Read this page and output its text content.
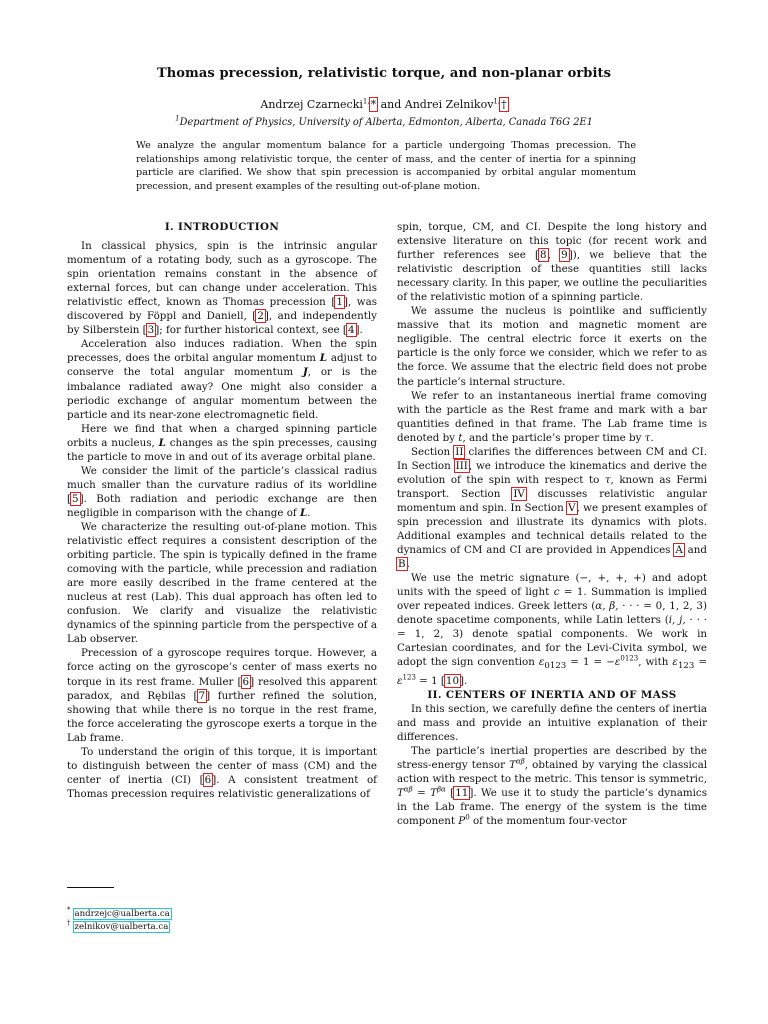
Thomas precession, relativistic torque, and non-planar orbits
Andrzej Czarnecki$^{1,}$* and Andrei Zelnikov$^{1,}$†
$^1$Department of Physics, University of Alberta, Edmonton, Alberta, Canada T6G 2E1
We analyze the angular momentum balance for a particle undergoing Thomas precession. The relationships among relativistic torque, the center of mass, and the center of inertia for a spinning particle are clarified. We show that spin precession is accompanied by orbital angular momentum precession, and present examples of the resulting out-of-plane motion.

I. INTRODUCTION

In classical physics, spin is the intrinsic angular momentum of a rotating body, such as a gyroscope. The spin orientation remains constant in the absence of external forces, but can change under acceleration. This relativistic effect, known as Thomas precession [1], was discovered by Föppl and Daniell, [2], and independently by Silberstein [3]; for further historical context, see [4].

Acceleration also induces radiation. When the spin precesses, does the orbital angular momentum L adjust to conserve the total angular momentum J, or is the imbalance radiated away? One might also consider a periodic exchange of angular momentum between the particle and its near-zone electromagnetic field.

Here we find that when a charged spinning particle orbits a nucleus, L changes as the spin precesses, causing the particle to move in and out of its average orbital plane.

We consider the limit of the particle’s classical radius much smaller than the curvature radius of its worldline [5]. Both radiation and periodic exchange are then negligible in comparison with the change of L.

We characterize the resulting out-of-plane motion. This relativistic effect requires a consistent description of the orbiting particle. The spin is typically defined in the frame comoving with the particle, while precession and radiation are more easily described in the frame centered at the nucleus at rest (Lab). This dual approach has often led to confusion. We clarify and visualize the relativistic dynamics of the spinning particle from the perspective of a Lab observer.

Precession of a gyroscope requires torque. However, a force acting on the gyroscope’s center of mass exerts no torque in its rest frame. Muller [6] resolved this apparent paradox, and Rębilas [7] further refined the solution, showing that while there is no torque in the rest frame, the force accelerating the gyroscope exerts a torque in the Lab frame.

To understand the origin of this torque, it is important to distinguish between the center of mass (CM) and the center of inertia (CI) [6]. A consistent treatment of Thomas precession requires relativistic generalizations of

spin, torque, CM, and CI. Despite the long history and extensive literature on this topic (for recent work and further references see [8, 9]), we believe that the relativistic description of these quantities still lacks necessary clarity. In this paper, we outline the peculiarities of the relativistic motion of a spinning particle.

We assume the nucleus is pointlike and sufficiently massive that its motion and magnetic moment are negligible. The central electric force it exerts on the particle is the only force we consider, which we refer to as the force. We assume that the electric field does not probe the particle’s internal structure.

We refer to an instantaneous inertial frame comoving with the particle as the Rest frame and mark with a bar quantities defined in that frame. The Lab frame time is denoted by t, and the particle’s proper time by τ.

Section II clarifies the differences between CM and CI. In Section III, we introduce the kinematics and derive the evolution of the spin with respect to τ, known as Fermi transport. Section IV discusses relativistic angular momentum and spin. In Section V, we present examples of spin precession and illustrate its dynamics with plots. Additional examples and technical details related to the dynamics of CM and CI are provided in Appendices A and B.

We use the metric signature (−, +, +, +) and adopt units with the speed of light c = 1. Summation is implied over repeated indices. Greek letters (α, β, · · · = 0, 1, 2, 3) denote spacetime components, while Latin letters (i, j, · · · = 1, 2, 3) denote spatial components. We work in Cartesian coordinates, and for the Levi-Civita symbol, we adopt the sign convention $\varepsilon_{0123} = 1 = -\varepsilon^{0123}$, with $\varepsilon_{123} = \varepsilon^{123} = 1$ [10].

II. CENTERS OF INERTIA AND OF MASS

In this section, we carefully define the centers of inertia and mass and provide an intuitive explanation of their differences.

The particle’s inertial properties are described by the stress-energy tensor $T^{\alpha\beta}$, obtained by varying the classical action with respect to the metric. This tensor is symmetric, $T^{\alpha\beta} = T^{\beta\alpha}$ [11]. We use it to study the particle’s dynamics in the Lab frame. The energy of the system is the time component $P^0$ of the momentum four-vector

* andrzejc@ualberta.ca
† zelnikov@ualberta.ca
